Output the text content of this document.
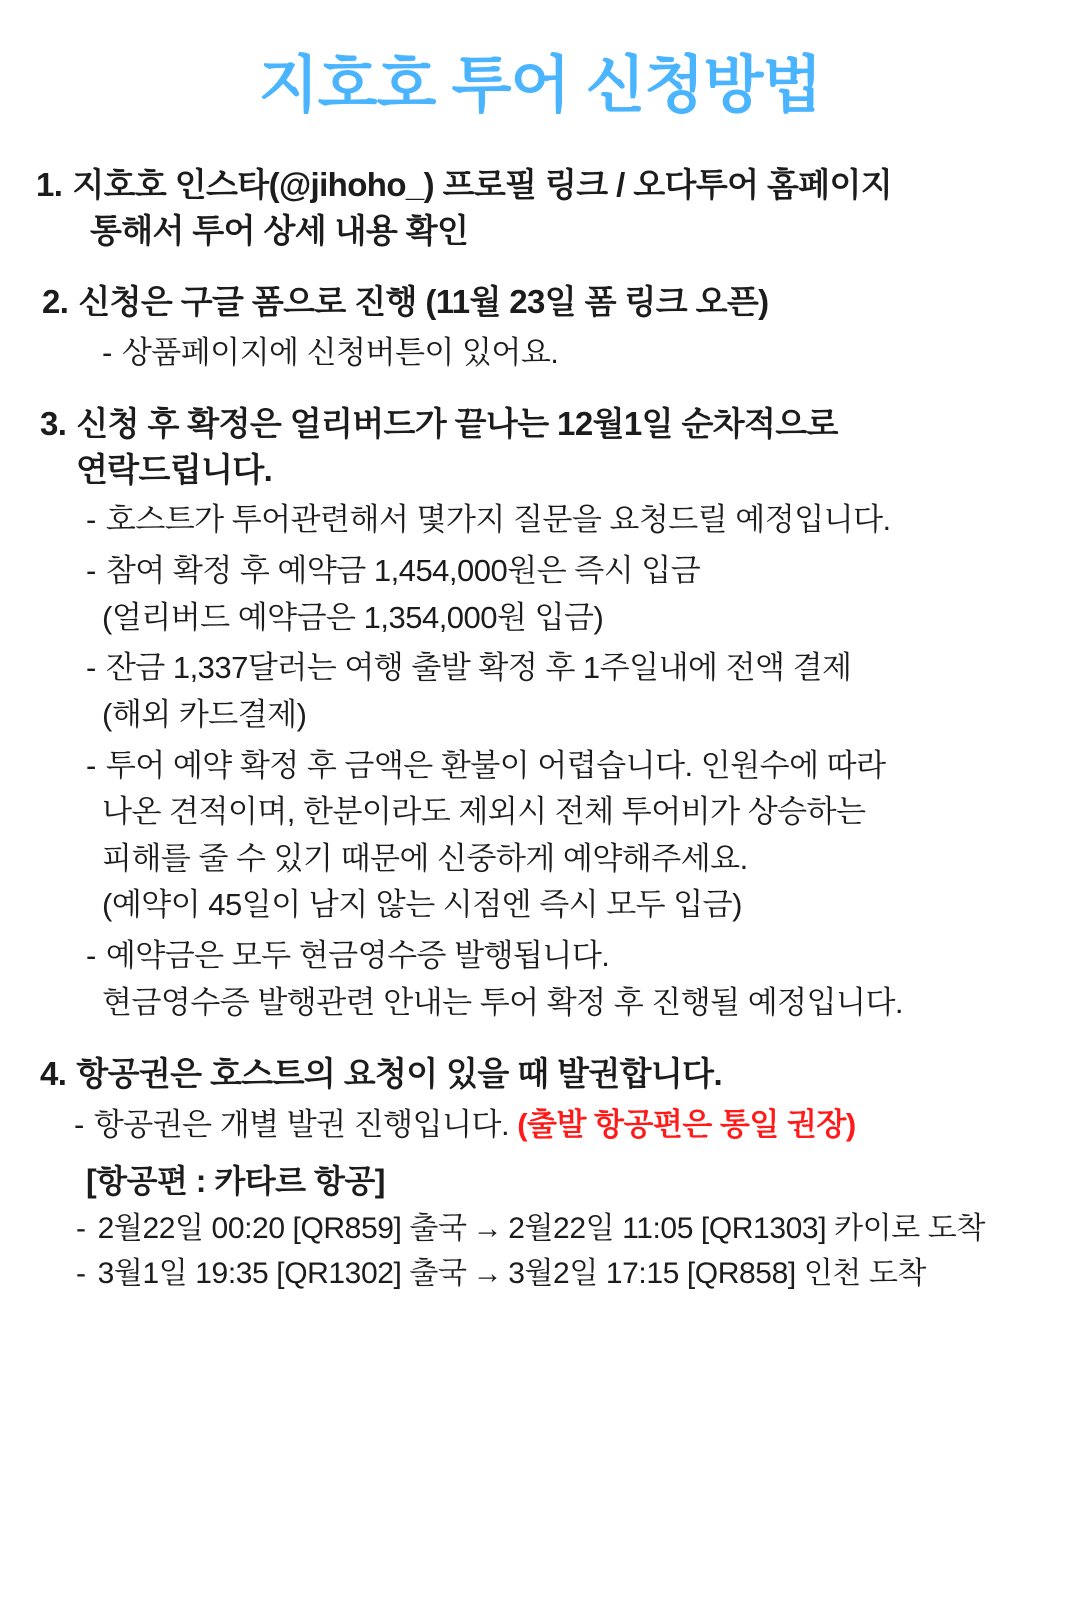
지호호 투어 신청방법
1. 지호호 인스타(@jihoho_) 프로필 링크 / 오다투어 홈페이지
통해서 투어 상세 내용 확인
2. 신청은 구글 폼으로 진행 (11월 23일 폼 링크 오픈)
- 상품페이지에 신청버튼이 있어요.
3. 신청 후 확정은 얼리버드가 끝나는 12월1일 순차적으로
연락드립니다.
- 호스트가 투어관련해서 몇가지 질문을 요청드릴 예정입니다.
- 참여 확정 후 예약금 1,454,000원은 즉시 입금
(얼리버드 예약금은 1,354,000원 입금)
- 잔금 1,337달러는 여행 출발 확정 후 1주일내에 전액 결제
(해외 카드결제)
- 투어 예약 확정 후 금액은 환불이 어렵습니다. 인원수에 따라
나온 견적이며, 한분이라도 제외시 전체 투어비가 상승하는
피해를 줄 수 있기 때문에 신중하게 예약해주세요.
(예약이 45일이 남지 않는 시점엔 즉시 모두 입금)
- 예약금은 모두 현금영수증 발행됩니다.
현금영수증 발행관련 안내는 투어 확정 후 진행될 예정입니다.
4. 항공권은 호스트의 요청이 있을 때 발권합니다.
- 항공권은 개별 발권 진행입니다. (출발 항공편은 통일 권장)
[항공편 : 카타르 항공]
- 2월22일 00:20 [QR859] 출국 → 2월22일 11:05 [QR1303] 카이로 도착
- 3월1일 19:35 [QR1302] 출국 → 3월2일 17:15 [QR858] 인천 도착
